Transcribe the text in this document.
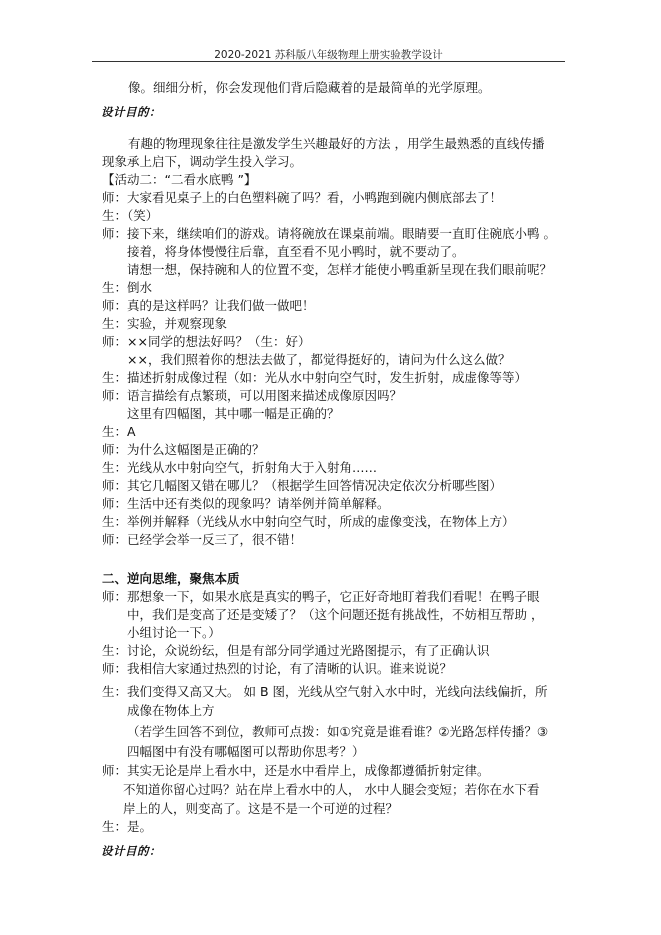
2020-2021 苏科版八年级物理上册实验教学设计
像。细细分析，你会发现他们背后隐藏着的是最简单的光学原理。
设计目的：
有趣的物理现象往往是激发学生兴趣最好的方法 ，用学生最熟悉的直线传播
现象承上启下，调动学生投入学习。
【活动二：“二看水底鸭 ”】
师：大家看见桌子上的白色塑料碗了吗？看，小鸭跑到碗内侧底部去了！
生：（笑）
师：接下来，继续咱们的游戏。请将碗放在课桌前端。眼睛要一直盯住碗底小鸭 。
接着，将身体慢慢往后靠，直至看不见小鸭时，就不要动了。
请想一想，保持碗和人的位置不变，怎样才能使小鸭重新呈现在我们眼前呢？
生：倒水
师：真的是这样吗？让我们做一做吧！
生：实验，并观察现象
师：××同学的想法好吗？（生：好）
××，我们照着你的想法去做了，都觉得挺好的，请问为什么这么做？
生：描述折射成像过程（如：光从水中射向空气时，发生折射，成虚像等等）
师：语言描绘有点繁琐，可以用图来描述成像原因吗？
这里有四幅图，其中哪一幅是正确的？
生：A
师：为什么这幅图是正确的？
生：光线从水中射向空气，折射角大于入射角……
师：其它几幅图又错在哪儿？（根据学生回答情况决定依次分析哪些图）
师：生活中还有类似的现象吗？请举例并简单解释。
生：举例并解释（光线从水中射向空气时，所成的虚像变浅，在物体上方）
师：已经学会举一反三了，很不错！
二、逆向思维，聚焦本质
师：那想象一下，如果水底是真实的鸭子，它正好奇地盯着我们看呢！在鸭子眼
中，我们是变高了还是变矮了？（这个问题还挺有挑战性，不妨相互帮助 ，
小组讨论一下。）
生：讨论，众说纷纭，但是有部分同学通过光路图提示，有了正确认识
师：我相信大家通过热烈的讨论，有了清晰的认识。谁来说说？
生：我们变得又高又大。 如 B 图，光线从空气射入水中时，光线向法线偏折，所
成像在物体上方
（若学生回答不到位，教师可点拨：如①究竟是谁看谁？②光路怎样传播？③
四幅图中有没有哪幅图可以帮助你思考？）
师：其实无论是岸上看水中，还是水中看岸上，成像都遵循折射定律。
不知道你留心过吗？站在岸上看水中的人， 水中人腿会变短；若你在水下看
岸上的人，则变高了。这是不是一个可逆的过程？
生：是。
设计目的：
